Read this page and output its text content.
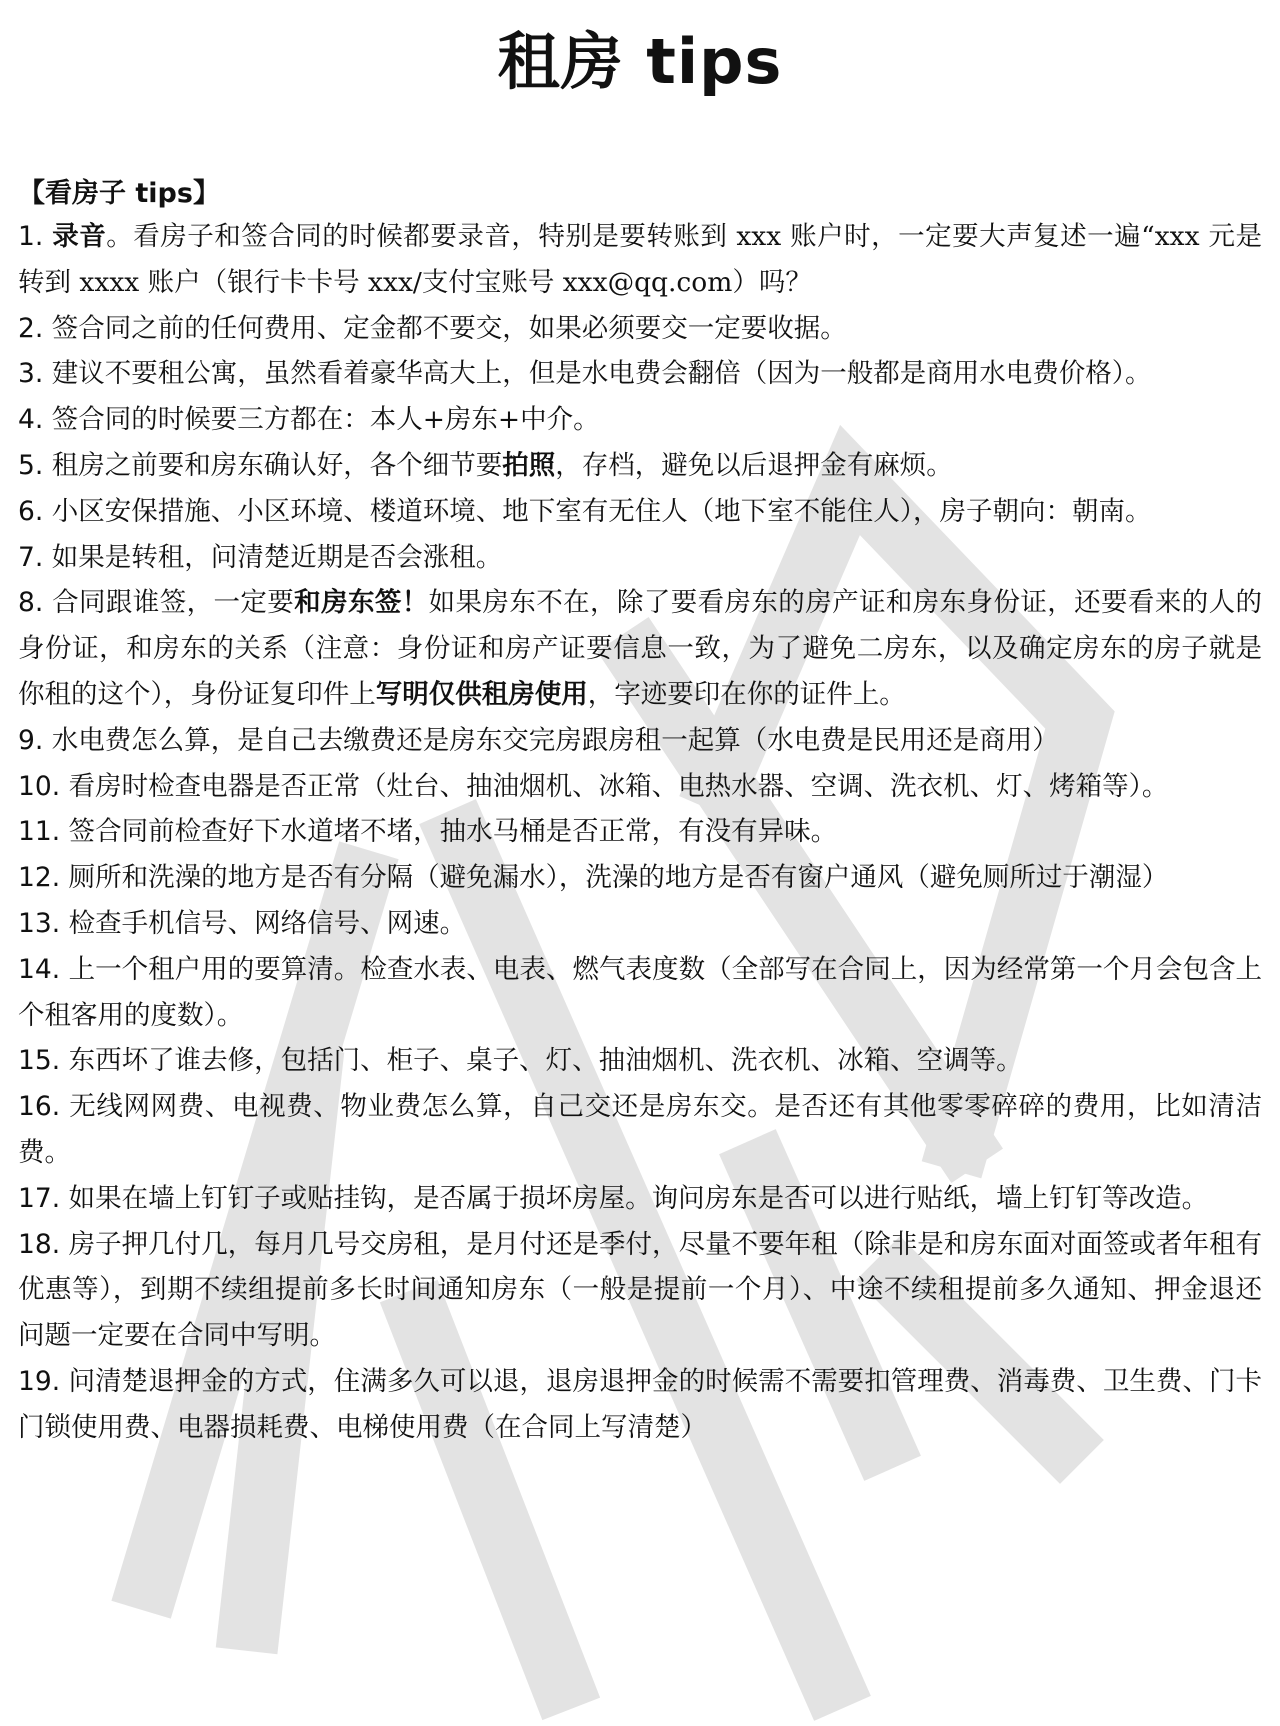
租房 tips
【看房子 tips】
1. 录音。看房子和签合同的时候都要录音，特别是要转账到 xxx 账户时，一定要大声复述一遍“xxx 元是转到 xxxx 账户（银行卡卡号 xxx/支付宝账号 xxx@qq.com）吗？
2. 签合同之前的任何费用、定金都不要交，如果必须要交一定要收据。
3. 建议不要租公寓，虽然看着豪华高大上，但是水电费会翻倍（因为一般都是商用水电费价格）。
4. 签合同的时候要三方都在：本人+房东+中介。
5. 租房之前要和房东确认好，各个细节要拍照，存档，避免以后退押金有麻烦。
6. 小区安保措施、小区环境、楼道环境、地下室有无住人（地下室不能住人），房子朝向：朝南。
7. 如果是转租，问清楚近期是否会涨租。
8. 合同跟谁签，一定要和房东签！如果房东不在，除了要看房东的房产证和房东身份证，还要看来的人的身份证，和房东的关系（注意：身份证和房产证要信息一致，为了避免二房东，以及确定房东的房子就是你租的这个），身份证复印件上写明仅供租房使用，字迹要印在你的证件上。
9. 水电费怎么算，是自己去缴费还是房东交完房跟房租一起算（水电费是民用还是商用）
10. 看房时检查电器是否正常（灶台、抽油烟机、冰箱、电热水器、空调、洗衣机、灯、烤箱等）。
11. 签合同前检查好下水道堵不堵，抽水马桶是否正常，有没有异味。
12. 厕所和洗澡的地方是否有分隔（避免漏水），洗澡的地方是否有窗户通风（避免厕所过于潮湿）
13. 检查手机信号、网络信号、网速。
14. 上一个租户用的要算清。检查水表、电表、燃气表度数（全部写在合同上，因为经常第一个月会包含上个租客用的度数）。
15. 东西坏了谁去修，包括门、柜子、桌子、灯、抽油烟机、洗衣机、冰箱、空调等。
16. 无线网网费、电视费、物业费怎么算，自己交还是房东交。是否还有其他零零碎碎的费用，比如清洁费。
17. 如果在墙上钉钉子或贴挂钩，是否属于损坏房屋。询问房东是否可以进行贴纸，墙上钉钉等改造。
18. 房子押几付几，每月几号交房租，是月付还是季付，尽量不要年租（除非是和房东面对面签或者年租有优惠等），到期不续组提前多长时间通知房东（一般是提前一个月）、中途不续租提前多久通知、押金退还问题一定要在合同中写明。
19. 问清楚退押金的方式，住满多久可以退，退房退押金的时候需不需要扣管理费、消毒费、卫生费、门卡门锁使用费、电器损耗费、电梯使用费（在合同上写清楚）
